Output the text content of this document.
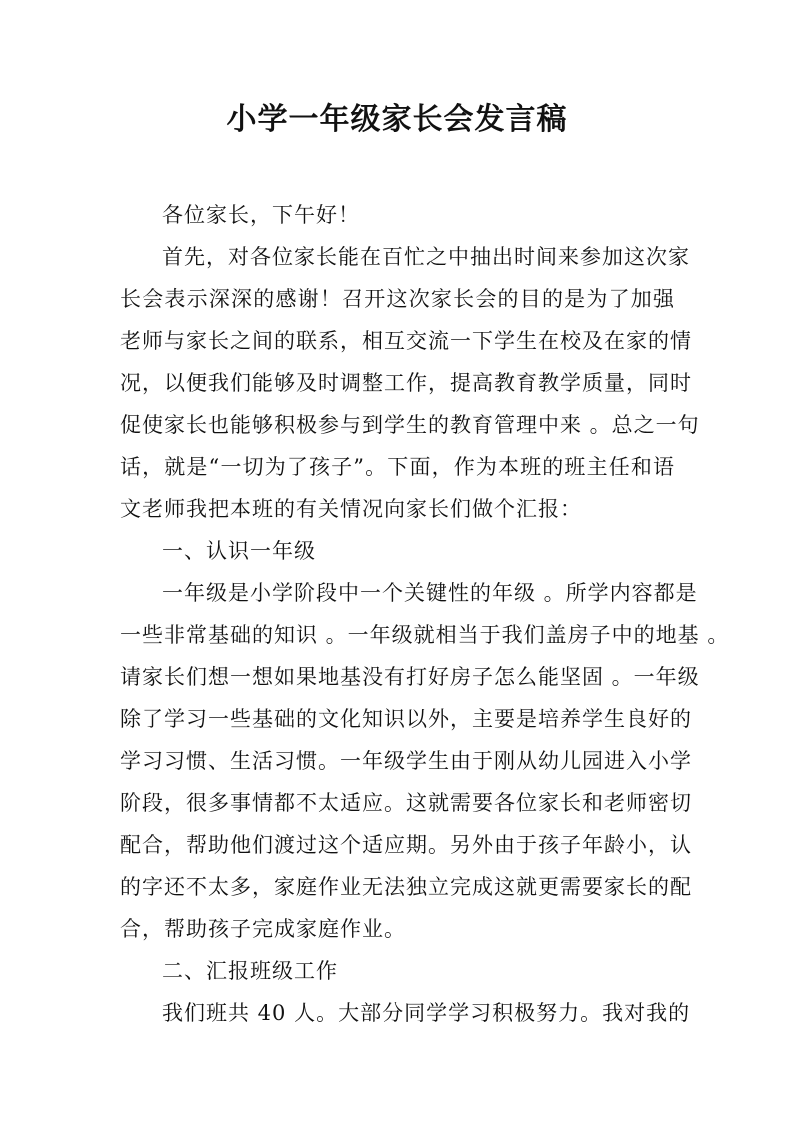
小学一年级家长会发言稿
各位家长，下午好！
首先，对各位家长能在百忙之中抽出时间来参加这次家
长会表示深深的感谢！召开这次家长会的目的是为了加强
老师与家长之间的联系，相互交流一下学生在校及在家的情
况，以便我们能够及时调整工作，提高教育教学质量，同时
促使家长也能够积极参与到学生的教育管理中来 。总之一句
话，就是“一切为了孩子”。下面，作为本班的班主任和语
文老师我把本班的有关情况向家长们做个汇报：
一、认识一年级
一年级是小学阶段中一个关键性的年级 。所学内容都是
一些非常基础的知识 。一年级就相当于我们盖房子中的地基 。
请家长们想一想如果地基没有打好房子怎么能坚固 。一年级
除了学习一些基础的文化知识以外，主要是培养学生良好的
学习习惯、生活习惯。一年级学生由于刚从幼儿园进入小学
阶段，很多事情都不太适应。这就需要各位家长和老师密切
配合，帮助他们渡过这个适应期。另外由于孩子年龄小，认
的字还不太多，家庭作业无法独立完成这就更需要家长的配
合，帮助孩子完成家庭作业。
二、汇报班级工作
我们班共 40 人。大部分同学学习积极努力。我对我的
